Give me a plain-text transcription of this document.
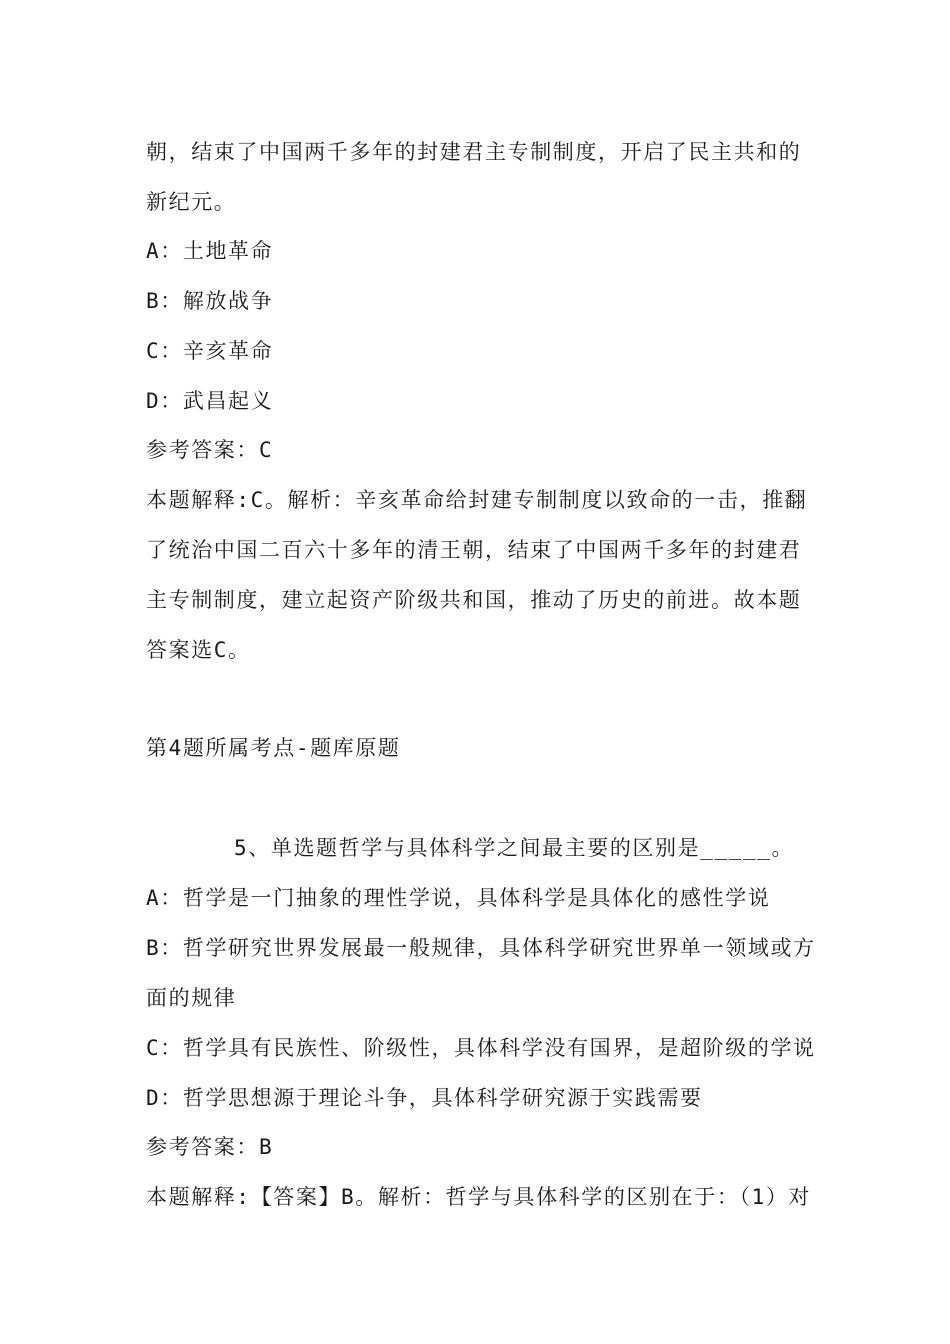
朝，结束了中国两千多年的封建君主专制制度，开启了民主共和的
新纪元。
A：土地革命
B：解放战争
C：辛亥革命
D：武昌起义
参考答案：C
本题解释:C。解析：辛亥革命给封建专制制度以致命的一击，推翻
了统治中国二百六十多年的清王朝，结束了中国两千多年的封建君
主专制制度，建立起资产阶级共和国，推动了历史的前进。故本题
答案选C。
第4题所属考点-题库原题
5、单选题哲学与具体科学之间最主要的区别是_____。
A：哲学是一门抽象的理性学说，具体科学是具体化的感性学说
B：哲学研究世界发展最一般规律，具体科学研究世界单一领域或方
面的规律
C：哲学具有民族性、阶级性，具体科学没有国界，是超阶级的学说
D：哲学思想源于理论斗争，具体科学研究源于实践需要
参考答案：B
本题解释:【答案】B。解析：哲学与具体科学的区别在于：（1）对
